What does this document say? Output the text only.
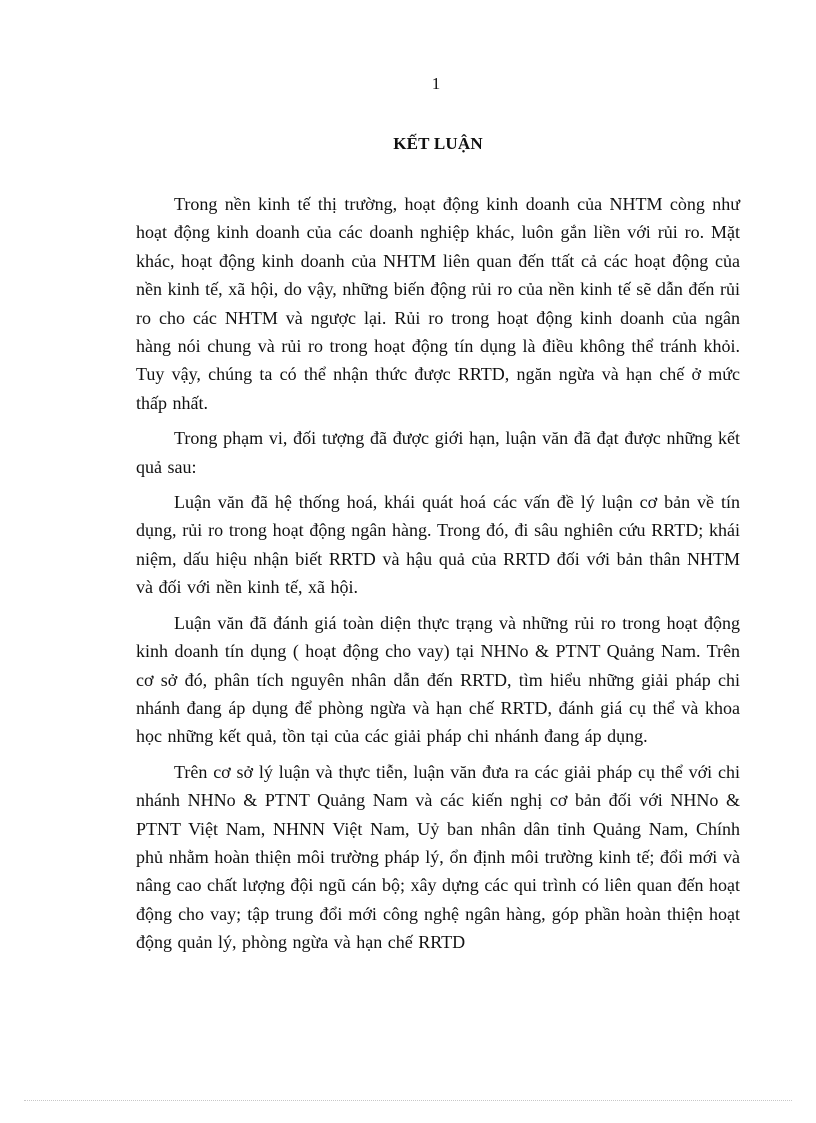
1
KẾT LUẬN

Trong nền kinh tế thị trường, hoạt động kinh doanh của NHTM còng như hoạt động kinh doanh của các doanh nghiệp khác, luôn gắn liền với rủi ro. Mặt khác, hoạt động kinh doanh của NHTM liên quan đến ttất cả các hoạt động của nền kinh tế, xã hội, do vậy, những biến động rủi ro của nền kinh tế sẽ dẫn đến rủi ro cho các NHTM và ngược lại. Rủi ro trong hoạt động kinh doanh của ngân hàng nói chung và rủi ro trong hoạt động tín dụng là điều không thể tránh khỏi. Tuy vậy, chúng ta có thể nhận thức được RRTD, ngăn ngừa và hạn chế ở mức thấp nhất.

Trong phạm vi, đối tượng đã được giới hạn, luận văn đã đạt được những kết quả sau:

Luận văn đã hệ thống hoá, khái quát hoá các vấn đề lý luận cơ bản về tín dụng, rủi ro trong hoạt động ngân hàng. Trong đó, đi sâu nghiên cứu RRTD; khái niệm, dấu hiệu nhận biết RRTD và hậu quả của RRTD đối với bản thân NHTM và đối với nền kinh tế, xã hội.

Luận văn đã đánh giá toàn diện thực trạng và những rủi ro trong hoạt động kinh doanh tín dụng ( hoạt động cho vay) tại NHNo & PTNT Quảng Nam. Trên cơ sở đó, phân tích nguyên nhân dẫn đến RRTD, tìm hiểu những giải pháp chi nhánh đang áp dụng để phòng ngừa và hạn chế RRTD, đánh giá cụ thể và khoa học những kết quả, tồn tại của các giải pháp chi nhánh đang áp dụng.

Trên cơ sở lý luận và thực tiễn, luận văn đưa ra các giải pháp cụ thể với chi nhánh NHNo & PTNT Quảng Nam và các kiến nghị cơ bản đối với NHNo & PTNT Việt Nam, NHNN Việt Nam, Uỷ ban nhân dân tỉnh Quảng Nam, Chính phủ nhằm hoàn thiện môi trường pháp lý, ổn định môi trường kinh tế; đổi mới và nâng cao chất lượng đội ngũ cán bộ; xây dựng các qui trình có liên quan đến hoạt động cho vay; tập trung đổi mới công nghệ ngân hàng, góp phần hoàn thiện hoạt động quản lý, phòng ngừa và hạn chế RRTD
